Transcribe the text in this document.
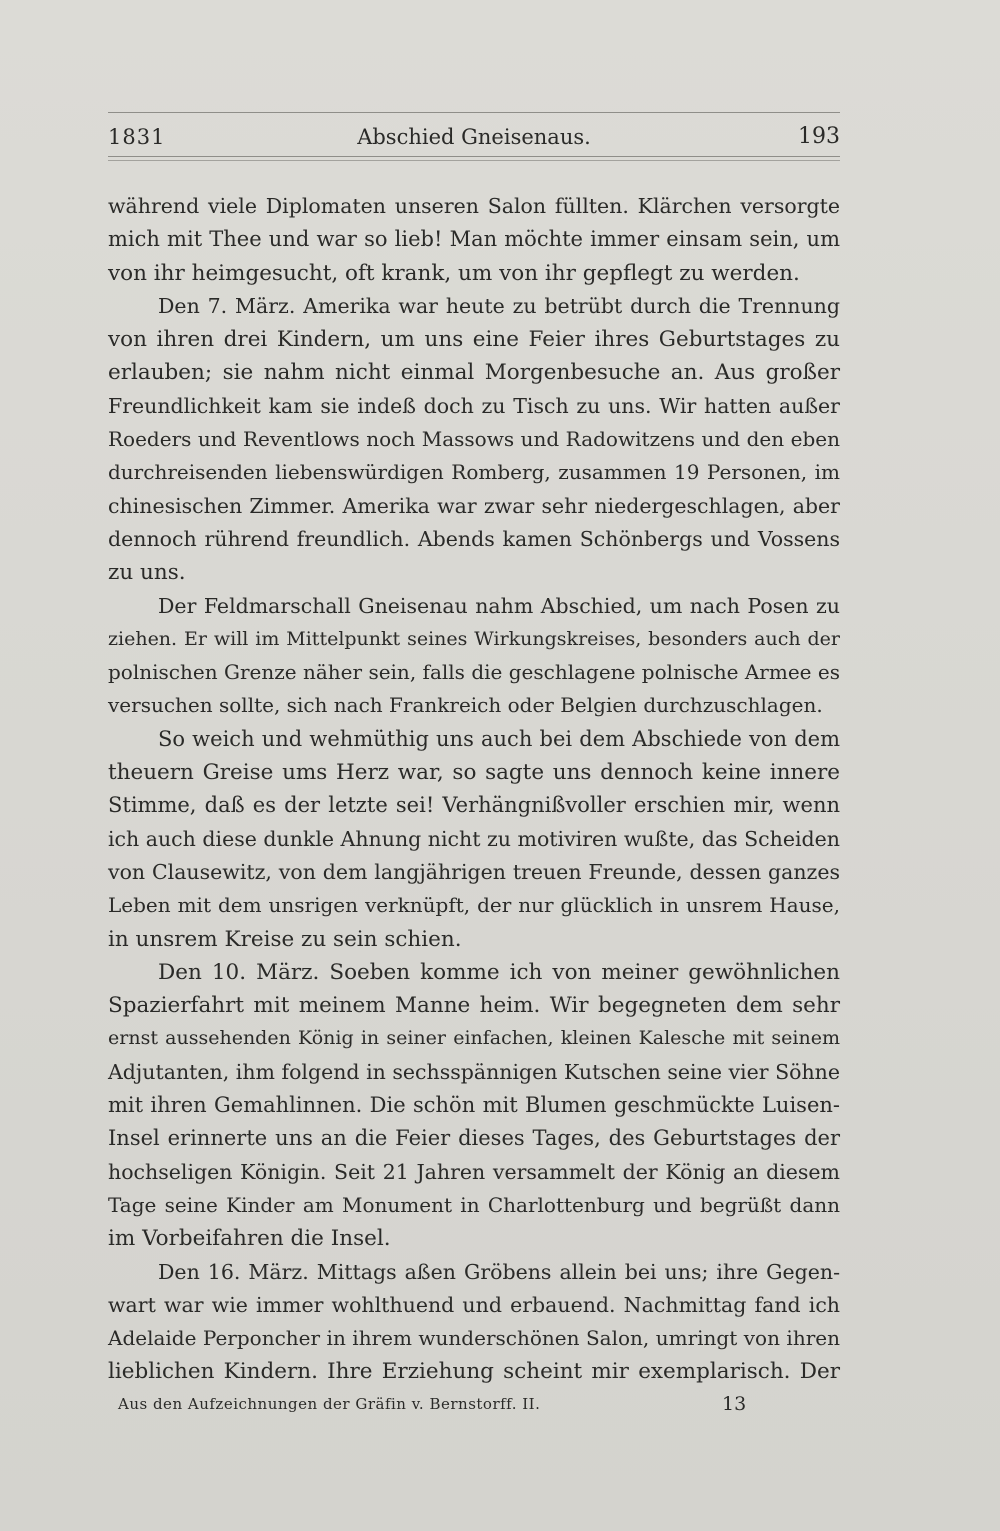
1831	Abschied Gneisenaus.	193
während viele Diplomaten unseren Salon füllten. Klärchen versorgte
mich mit Thee und war so lieb! Man möchte immer einsam sein, um
von ihr heimgesucht, oft krank, um von ihr gepflegt zu werden.
Den 7. März. Amerika war heute zu betrübt durch die Trennung
von ihren drei Kindern, um uns eine Feier ihres Geburtstages zu
erlauben; sie nahm nicht einmal Morgenbesuche an. Aus großer
Freundlichkeit kam sie indeß doch zu Tisch zu uns. Wir hatten außer
Roeders und Reventlows noch Massows und Radowitzens und den eben
durchreisenden liebenswürdigen Romberg, zusammen 19 Personen, im
chinesischen Zimmer. Amerika war zwar sehr niedergeschlagen, aber
dennoch rührend freundlich. Abends kamen Schönbergs und Vossens
zu uns.
Der Feldmarschall Gneisenau nahm Abschied, um nach Posen zu
ziehen. Er will im Mittelpunkt seines Wirkungskreises, besonders auch der
polnischen Grenze näher sein, falls die geschlagene polnische Armee es
versuchen sollte, sich nach Frankreich oder Belgien durchzuschlagen.
So weich und wehmüthig uns auch bei dem Abschiede von dem
theuern Greise ums Herz war, so sagte uns dennoch keine innere
Stimme, daß es der letzte sei! Verhängnißvoller erschien mir, wenn
ich auch diese dunkle Ahnung nicht zu motiviren wußte, das Scheiden
von Clausewitz, von dem langjährigen treuen Freunde, dessen ganzes
Leben mit dem unsrigen verknüpft, der nur glücklich in unsrem Hause,
in unsrem Kreise zu sein schien.
Den 10. März. Soeben komme ich von meiner gewöhnlichen
Spazierfahrt mit meinem Manne heim. Wir begegneten dem sehr
ernst aussehenden König in seiner einfachen, kleinen Kalesche mit seinem
Adjutanten, ihm folgend in sechsspännigen Kutschen seine vier Söhne
mit ihren Gemahlinnen. Die schön mit Blumen geschmückte Luisen-
Insel erinnerte uns an die Feier dieses Tages, des Geburtstages der
hochseligen Königin. Seit 21 Jahren versammelt der König an diesem
Tage seine Kinder am Monument in Charlottenburg und begrüßt dann
im Vorbeifahren die Insel.
Den 16. März. Mittags aßen Gröbens allein bei uns; ihre Gegen-
wart war wie immer wohlthuend und erbauend. Nachmittag fand ich
Adelaide Perponcher in ihrem wunderschönen Salon, umringt von ihren
lieblichen Kindern. Ihre Erziehung scheint mir exemplarisch. Der
Aus den Aufzeichnungen der Gräfin v. Bernstorff. II.	13
